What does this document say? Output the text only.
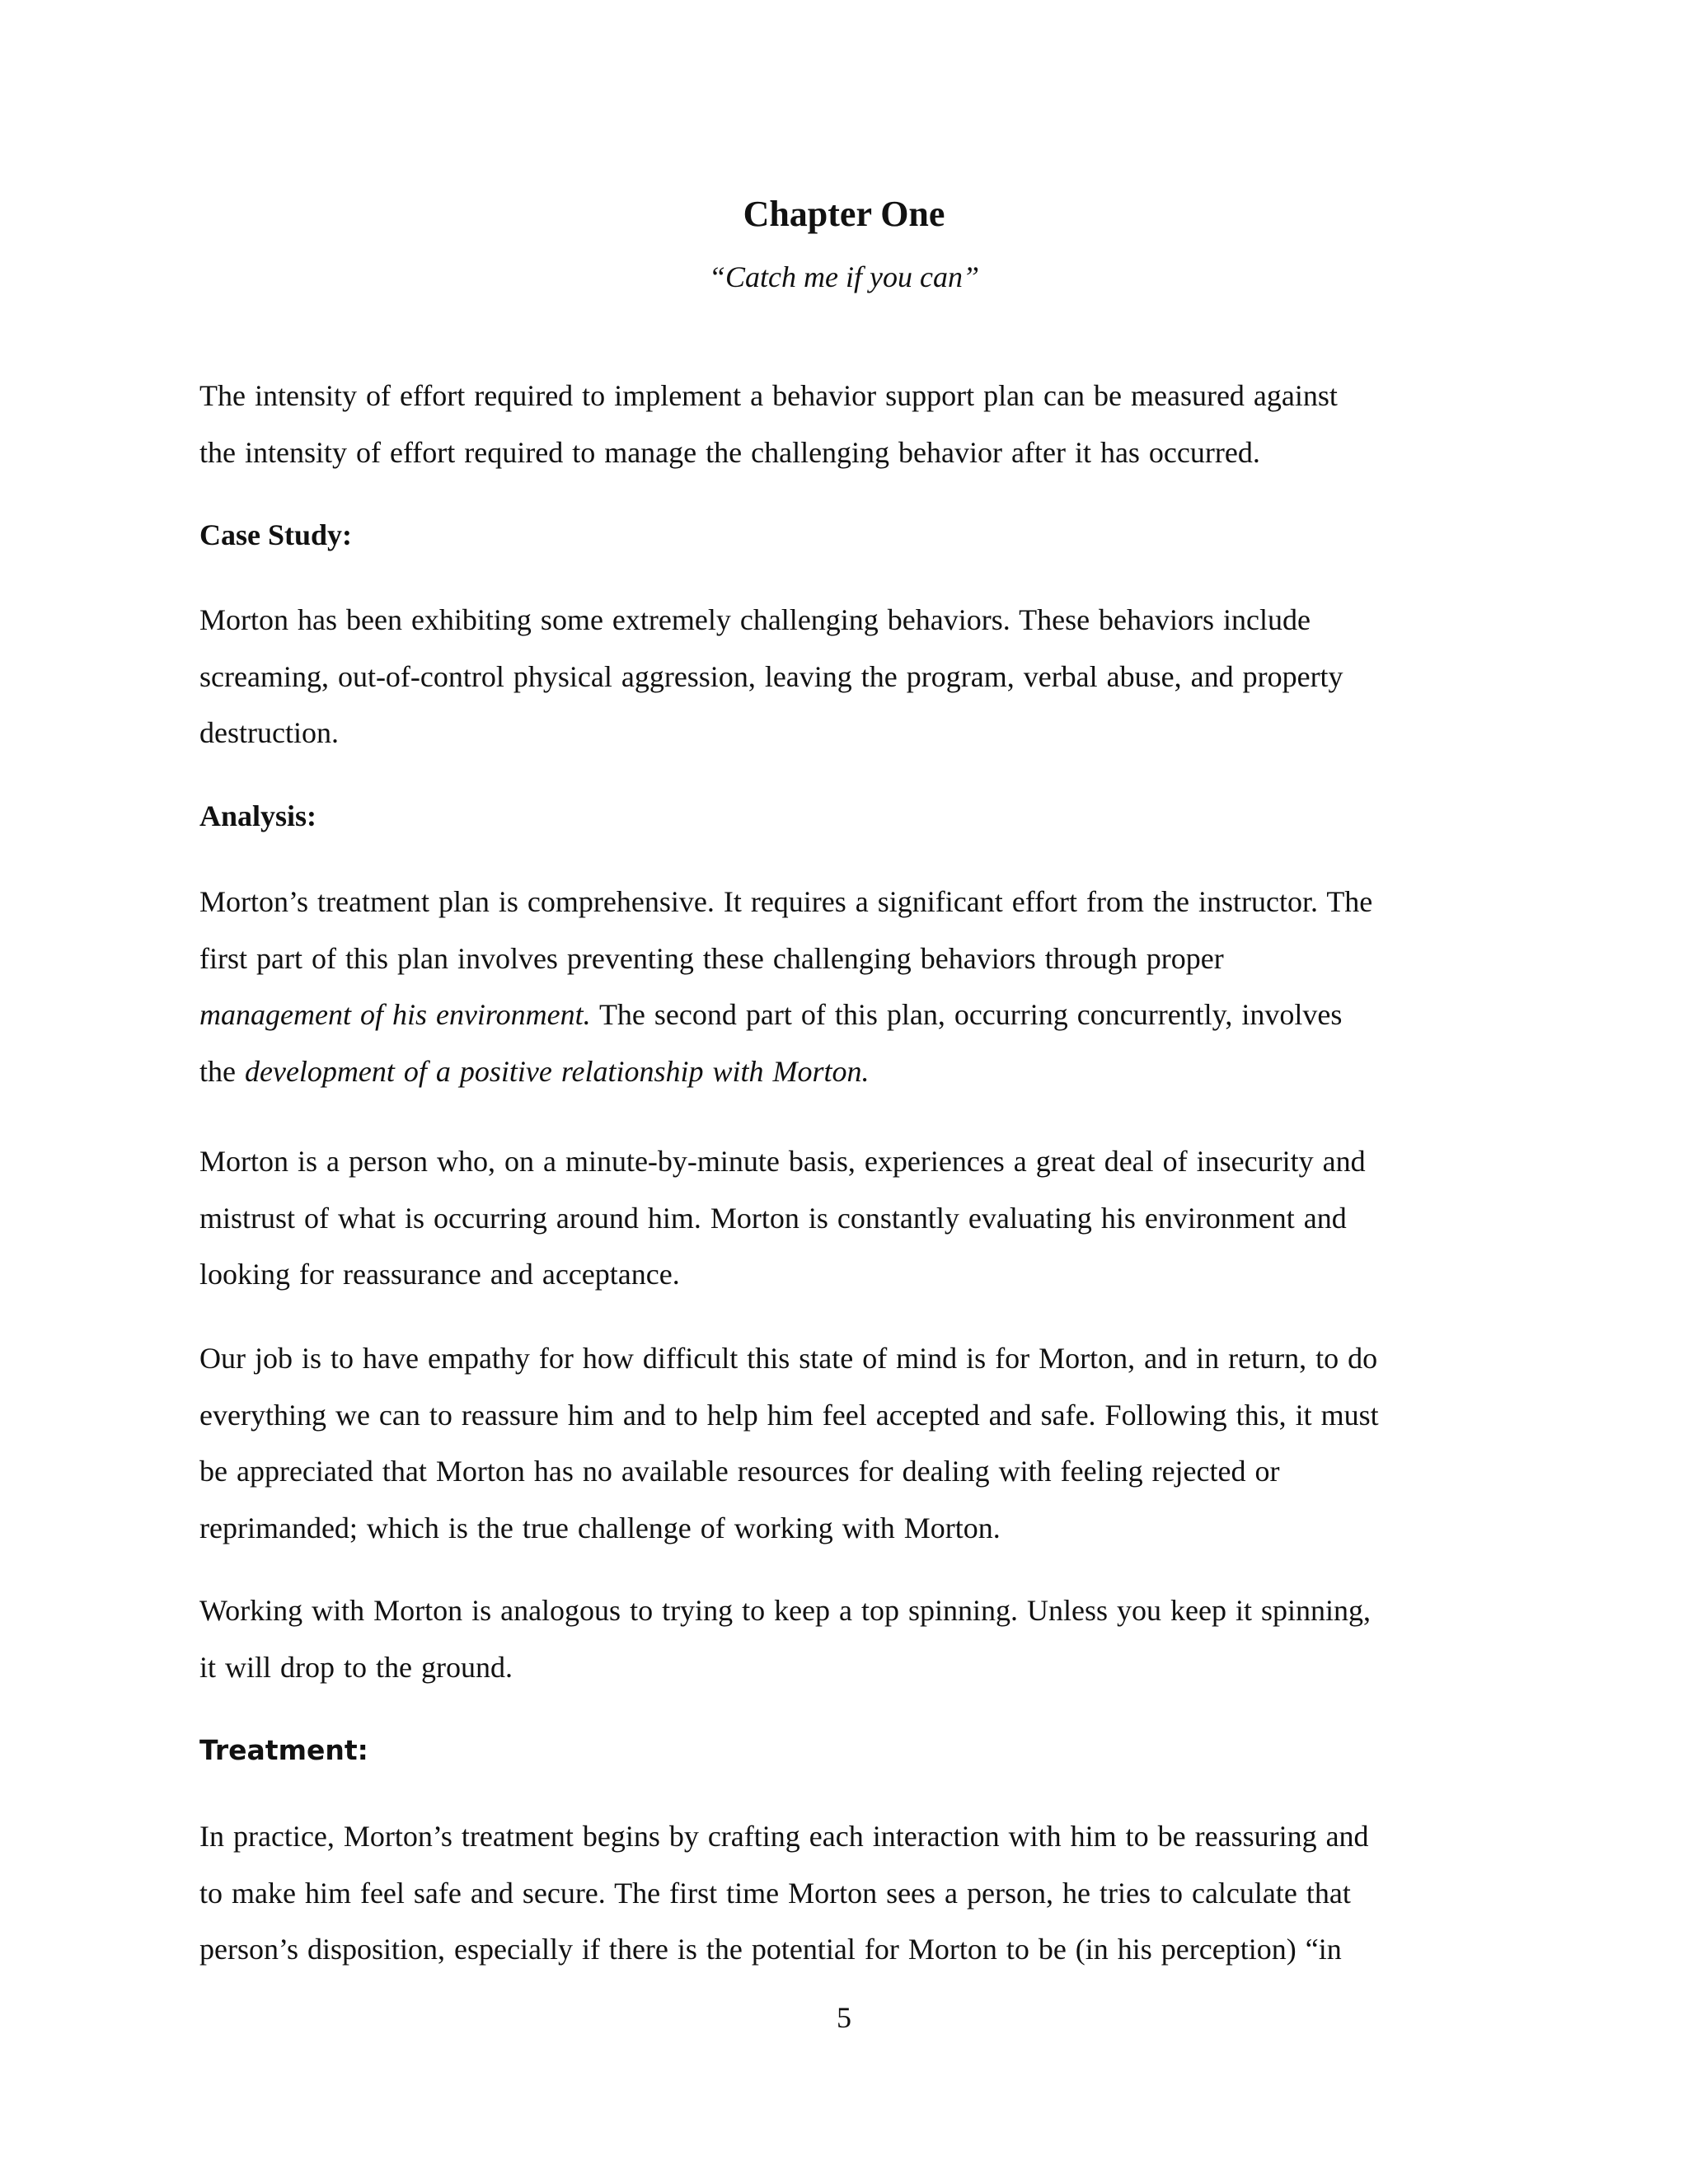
Chapter One

“Catch me if you can”

The intensity of effort required to implement a behavior support plan can be measured against
the intensity of effort required to manage the challenging behavior after it has occurred.

Case Study:

Morton has been exhibiting some extremely challenging behaviors. These behaviors include
screaming, out-of-control physical aggression, leaving the program, verbal abuse, and property
destruction.

Analysis:

Morton’s treatment plan is comprehensive. It requires a significant effort from the instructor. The
first part of this plan involves preventing these challenging behaviors through proper
management of his environment. The second part of this plan, occurring concurrently, involves
the development of a positive relationship with Morton.

Morton is a person who, on a minute-by-minute basis, experiences a great deal of insecurity and
mistrust of what is occurring around him. Morton is constantly evaluating his environment and
looking for reassurance and acceptance.

Our job is to have empathy for how difficult this state of mind is for Morton, and in return, to do
everything we can to reassure him and to help him feel accepted and safe. Following this, it must
be appreciated that Morton has no available resources for dealing with feeling rejected or
reprimanded; which is the true challenge of working with Morton.

Working with Morton is analogous to trying to keep a top spinning. Unless you keep it spinning,
it will drop to the ground.

Treatment:

In practice, Morton’s treatment begins by crafting each interaction with him to be reassuring and
to make him feel safe and secure. The first time Morton sees a person, he tries to calculate that
person’s disposition, especially if there is the potential for Morton to be (in his perception) “in

5
